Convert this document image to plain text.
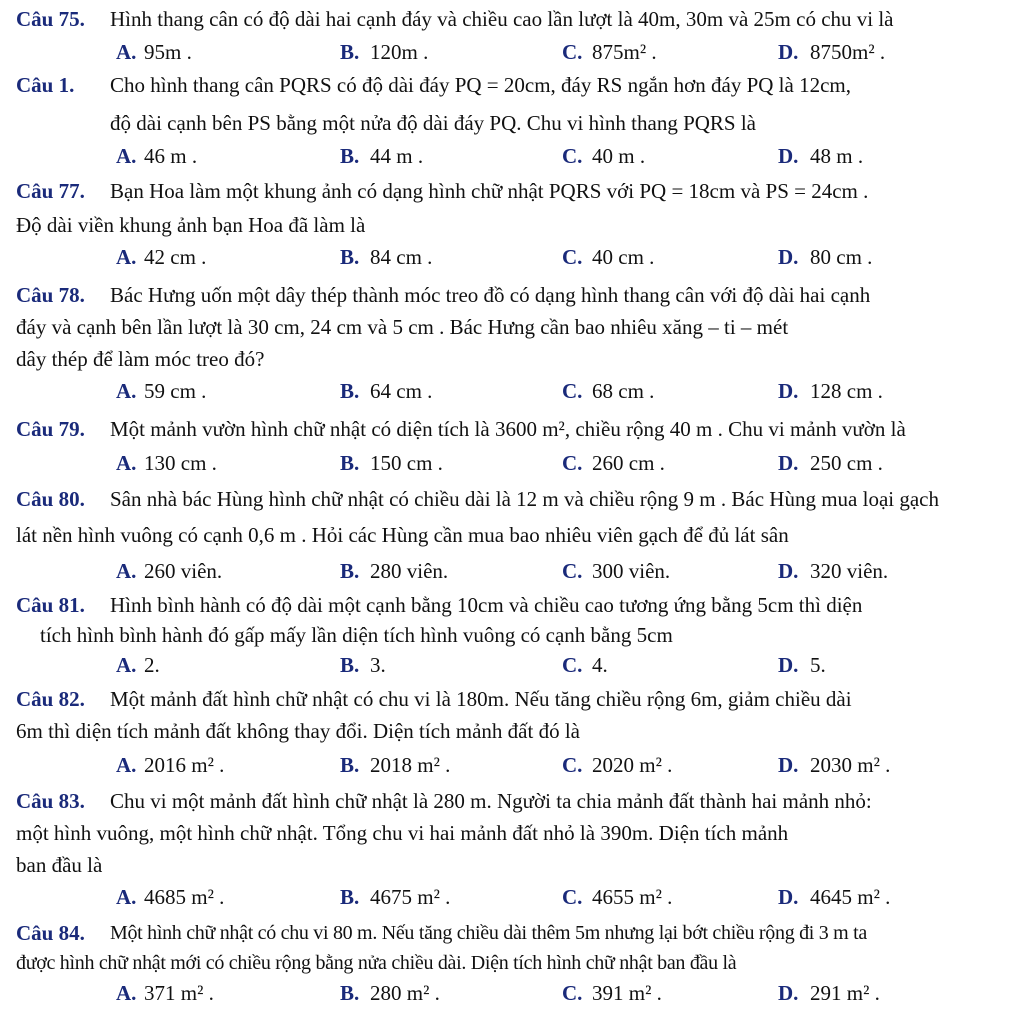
Câu 75. Hình thang cân có độ dài hai cạnh đáy và chiều cao lần lượt là 40m, 30m và 25m có chu vi là
A. 95m .	B. 120m .	C. 875m² .	D. 8750m² .
Câu 1. Cho hình thang cân PQRS có độ dài đáy PQ = 20cm, đáy RS ngắn hơn đáy PQ là 12cm,
độ dài cạnh bên PS bằng một nửa độ dài đáy PQ. Chu vi hình thang PQRS là
A. 46 m .	B. 44 m .	C. 40 m .	D. 48 m .
Câu 77. Bạn Hoa làm một khung ảnh có dạng hình chữ nhật PQRS với PQ = 18cm và PS = 24cm .
Độ dài viền khung ảnh bạn Hoa đã làm là
A. 42 cm .	B. 84 cm .	C. 40 cm .	D. 80 cm .
Câu 78. Bác Hưng uốn một dây thép thành móc treo đồ có dạng hình thang cân với độ dài hai cạnh
đáy và cạnh bên lần lượt là 30 cm, 24 cm và 5 cm . Bác Hưng cần bao nhiêu xăng – ti – mét
dây thép để làm móc treo đó?
A. 59 cm .	B. 64 cm .	C. 68 cm .	D. 128 cm .
Câu 79. Một mảnh vườn hình chữ nhật có diện tích là 3600 m², chiều rộng 40 m . Chu vi mảnh vườn là
A. 130 cm .	B. 150 cm .	C. 260 cm .	D. 250 cm .
Câu 80. Sân nhà bác Hùng hình chữ nhật có chiều dài là 12 m và chiều rộng 9 m . Bác Hùng mua loại gạch
lát nền hình vuông có cạnh 0,6 m . Hỏi các Hùng cần mua bao nhiêu viên gạch để đủ lát sân
A. 260 viên.	B. 280 viên.	C. 300 viên.	D. 320 viên.
Câu 81. Hình bình hành có độ dài một cạnh bằng 10cm và chiều cao tương ứng bằng 5cm thì diện
tích hình bình hành đó gấp mấy lần diện tích hình vuông có cạnh bằng 5cm
A. 2.	B. 3.	C. 4.	D. 5.
Câu 82. Một mảnh đất hình chữ nhật có chu vi là 180m. Nếu tăng chiều rộng 6m, giảm chiều dài
6m thì diện tích mảnh đất không thay đổi. Diện tích mảnh đất đó là
A. 2016 m² .	B. 2018 m² .	C. 2020 m² .	D. 2030 m² .
Câu 83. Chu vi một mảnh đất hình chữ nhật là 280 m. Người ta chia mảnh đất thành hai mảnh nhỏ:
một hình vuông, một hình chữ nhật. Tổng chu vi hai mảnh đất nhỏ là 390m. Diện tích mảnh
ban đầu là
A. 4685 m² .	B. 4675 m² .	C. 4655 m² .	D. 4645 m² .
Câu 84. Một hình chữ nhật có chu vi 80 m. Nếu tăng chiều dài thêm 5m nhưng lại bớt chiều rộng đi 3 m ta
được hình chữ nhật mới có chiều rộng bằng nửa chiều dài. Diện tích hình chữ nhật ban đầu là
A. 371 m² .	B. 280 m² .	C. 391 m² .	D. 291 m² .
